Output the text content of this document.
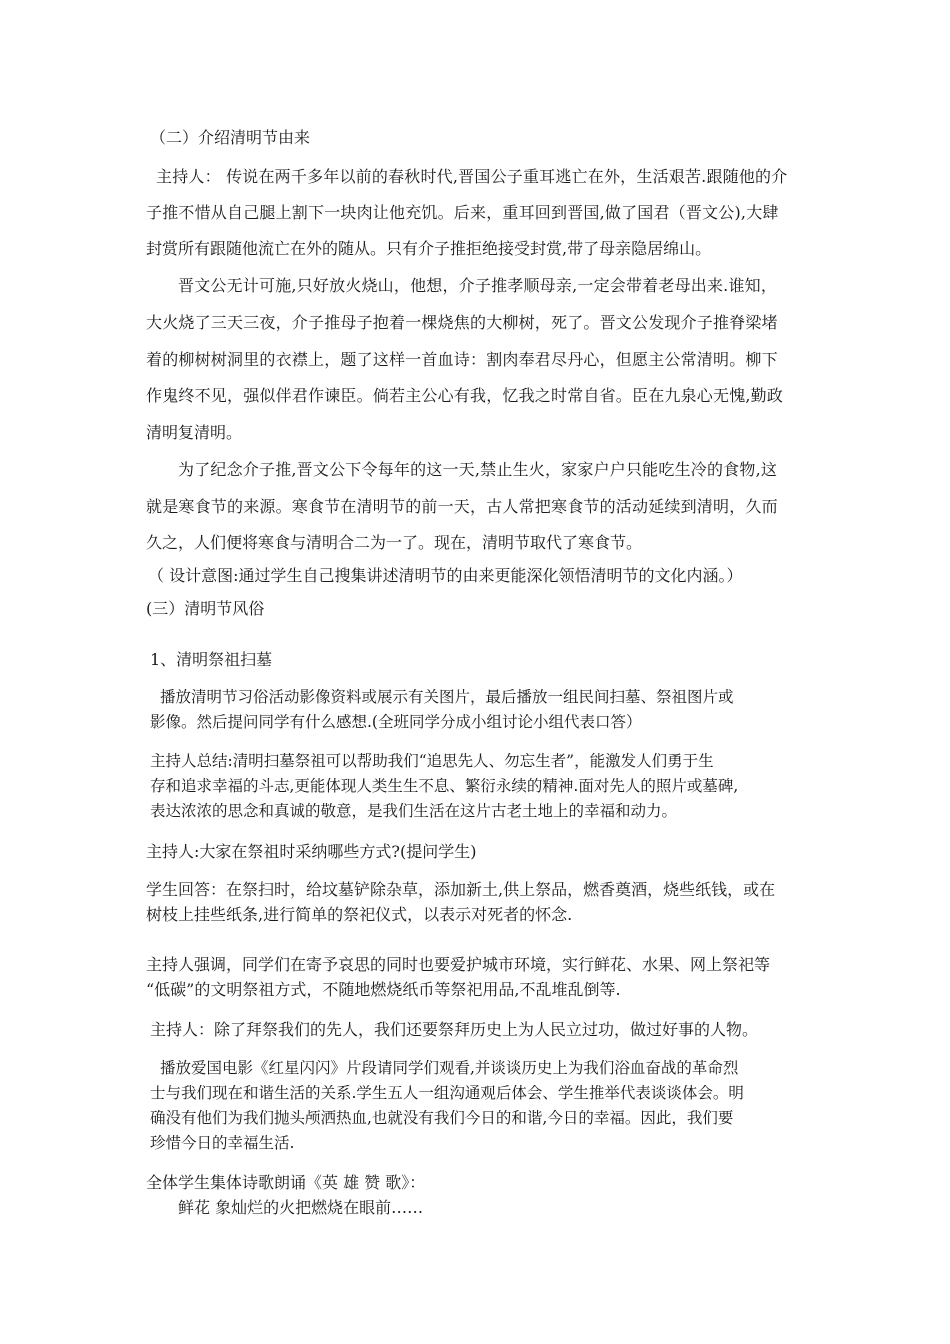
（二）介绍清明节由来
主持人： 传说在两千多年以前的春秋时代,晋国公子重耳逃亡在外，生活艰苦.跟随他的介
子推不惜从自己腿上割下一块肉让他充饥。后来，重耳回到晋国,做了国君（晋文公),大肆
封赏所有跟随他流亡在外的随从。只有介子推拒绝接受封赏,带了母亲隐居绵山。
晋文公无计可施,只好放火烧山，他想，介子推孝顺母亲,一定会带着老母出来.谁知，
大火烧了三天三夜，介子推母子抱着一棵烧焦的大柳树，死了。晋文公发现介子推脊梁堵
着的柳树树洞里的衣襟上，题了这样一首血诗：割肉奉君尽丹心，但愿主公常清明。柳下
作鬼终不见，强似伴君作谏臣。倘若主公心有我，忆我之时常自省。臣在九泉心无愧,勤政
清明复清明。
为了纪念介子推,晋文公下令每年的这一天,禁止生火，家家户户只能吃生冷的食物,这
就是寒食节的来源。寒食节在清明节的前一天，古人常把寒食节的活动延续到清明，久而
久之，人们便将寒食与清明合二为一了。现在，清明节取代了寒食节。
（ 设计意图:通过学生自己搜集讲述清明节的由来更能深化领悟清明节的文化内涵。）
(三）清明节风俗
1、清明祭祖扫墓
播放清明节习俗活动影像资料或展示有关图片，最后播放一组民间扫墓、祭祖图片或
影像。然后提问同学有什么感想.(全班同学分成小组讨论小组代表口答）
主持人总结:清明扫墓祭祖可以帮助我们“追思先人、勿忘生者”，能激发人们勇于生
存和追求幸福的斗志,更能体现人类生生不息、繁衍永续的精神.面对先人的照片或墓碑,
表达浓浓的思念和真诚的敬意，是我们生活在这片古老土地上的幸福和动力。
主持人:大家在祭祖时采纳哪些方式?(提问学生)
学生回答：在祭扫时，给坟墓铲除杂草，添加新土,供上祭品，燃香奠酒，烧些纸钱，或在
树枝上挂些纸条,进行简单的祭祀仪式，以表示对死者的怀念.
主持人强调，同学们在寄予哀思的同时也要爱护城市环境，实行鲜花、水果、网上祭祀等
“低碳”的文明祭祖方式，不随地燃烧纸币等祭祀用品,不乱堆乱倒等.
主持人：除了拜祭我们的先人，我们还要祭拜历史上为人民立过功，做过好事的人物。
播放爱国电影《红星闪闪》片段请同学们观看,并谈谈历史上为我们浴血奋战的革命烈
士与我们现在和谐生活的关系.学生五人一组沟通观后体会、学生推举代表谈谈体会。明
确没有他们为我们抛头颅洒热血,也就没有我们今日的和谐,今日的幸福。因此，我们要
珍惜今日的幸福生活.
全体学生集体诗歌朗诵《英 雄 赞 歌》：
鲜花 象灿烂的火把燃烧在眼前……
